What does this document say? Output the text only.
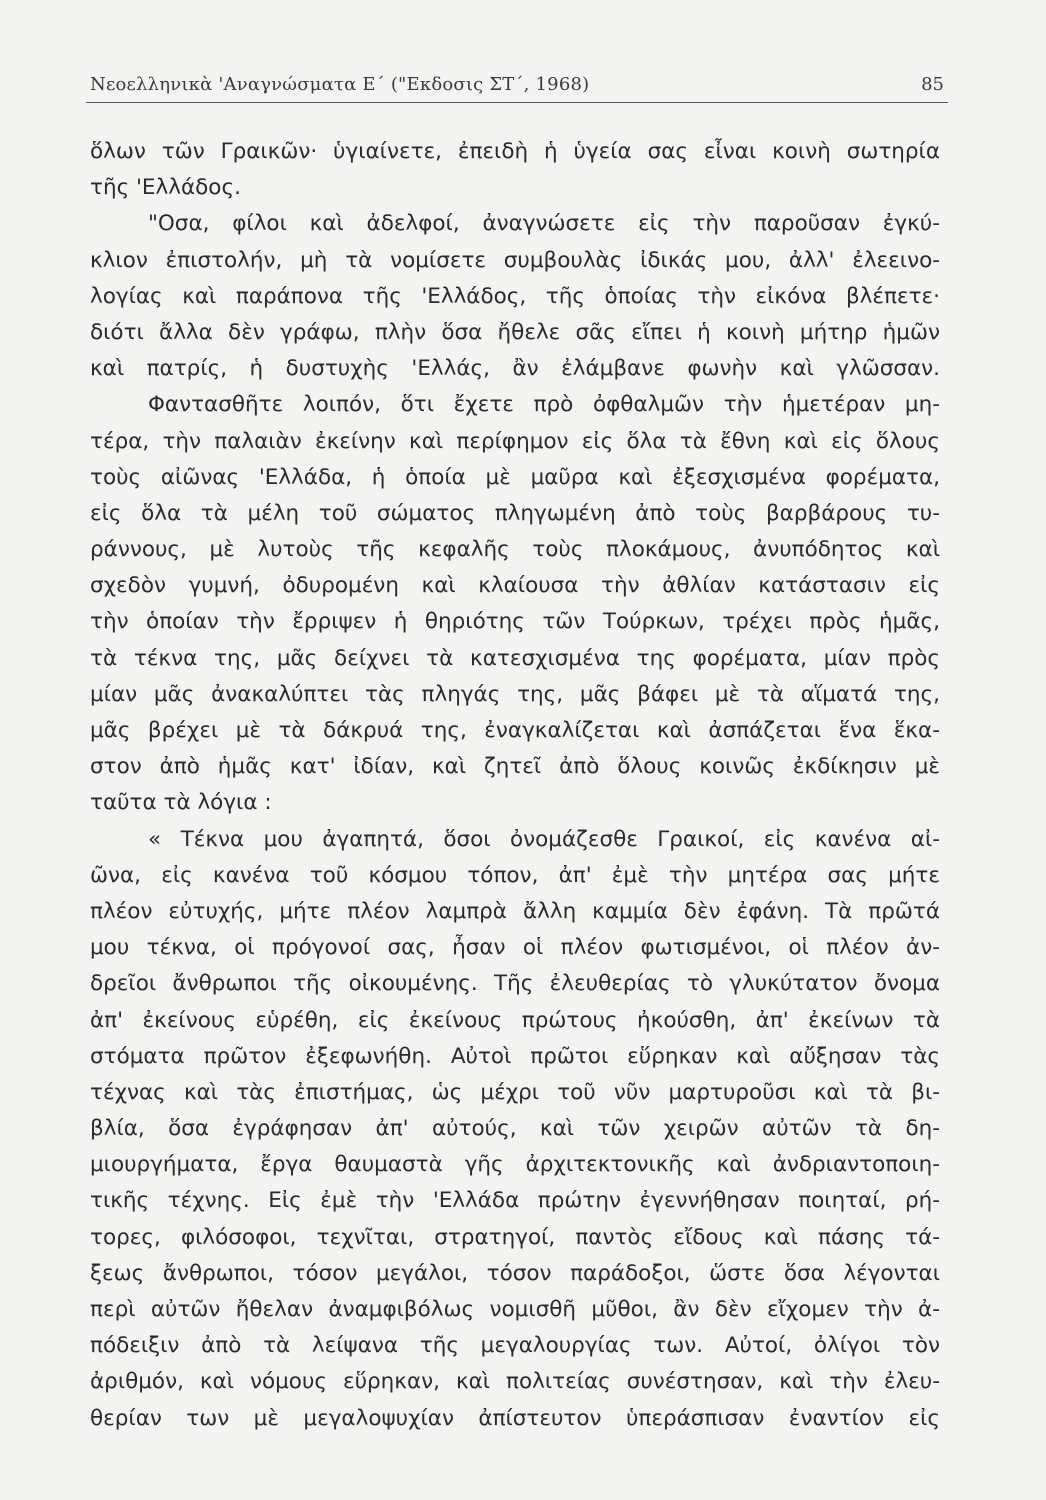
Νεοελληνικὰ 'Αναγνώσματα Ε΄ ("Εκδοσις ΣΤ΄, 1968)	85
ὅλων τῶν Γραικῶν· ὑγιαίνετε, ἐπειδὴ ἡ ὑγεία σας εἶναι κοινὴ σωτηρία
τῆς 'Ελλάδος.
"Οσα, φίλοι καὶ ἀδελφοί, ἀναγνώσετε εἰς τὴν παροῦσαν ἐγκύ-
κλιον ἐπιστολήν, μὴ τὰ νομίσετε συμβουλὰς ἰδικάς μου, ἀλλ' ἐλεεινο-
λογίας καὶ παράπονα τῆς 'Ελλάδος, τῆς ὁποίας τὴν εἰκόνα βλέπετε·
διότι ἄλλα δὲν γράφω, πλὴν ὅσα ἤθελε σᾶς εἴπει ἡ κοινὴ μήτηρ ἡμῶν
καὶ πατρίς, ἡ δυστυχὴς 'Ελλάς, ἂν ἐλάμβανε φωνὴν καὶ γλῶσσαν.
Φαντασθῆτε λοιπόν, ὅτι ἔχετε πρὸ ὀφθαλμῶν τὴν ἡμετέραν μη-
τέρα, τὴν παλαιὰν ἐκείνην καὶ περίφημον εἰς ὅλα τὰ ἔθνη καὶ εἰς ὅλους
τοὺς αἰῶνας 'Ελλάδα, ἡ ὁποία μὲ μαῦρα καὶ ἐξεσχισμένα φορέματα,
εἰς ὅλα τὰ μέλη τοῦ σώματος πληγωμένη ἀπὸ τοὺς βαρβάρους τυ-
ράννους, μὲ λυτοὺς τῆς κεφαλῆς τοὺς πλοκάμους, ἀνυπόδητος καὶ
σχεδὸν γυμνή, ὀδυρομένη καὶ κλαίουσα τὴν ἀθλίαν κατάστασιν εἰς
τὴν ὁποίαν τὴν ἔρριψεν ἡ θηριότης τῶν Τούρκων, τρέχει πρὸς ἡμᾶς,
τὰ τέκνα της, μᾶς δείχνει τὰ κατεσχισμένα της φορέματα, μίαν πρὸς
μίαν μᾶς ἀνακαλύπτει τὰς πληγάς της, μᾶς βάφει μὲ τὰ αἵματά της,
μᾶς βρέχει μὲ τὰ δάκρυά της, ἐναγκαλίζεται καὶ ἀσπάζεται ἕνα ἕκα-
στον ἀπὸ ἡμᾶς κατ' ἰδίαν, καὶ ζητεῖ ἀπὸ ὅλους κοινῶς ἐκδίκησιν μὲ
ταῦτα τὰ λόγια :
« Τέκνα μου ἀγαπητά, ὅσοι ὀνομάζεσθε Γραικοί, εἰς κανένα αἰ-
ῶνα, εἰς κανένα τοῦ κόσμου τόπον, ἀπ' ἐμὲ τὴν μητέρα σας μήτε
πλέον εὐτυχής, μήτε πλέον λαμπρὰ ἄλλη καμμία δὲν ἐφάνη. Τὰ πρῶτά
μου τέκνα, οἱ πρόγονοί σας, ἦσαν οἱ πλέον φωτισμένοι, οἱ πλέον ἀν-
δρεῖοι ἄνθρωποι τῆς οἰκουμένης. Τῆς ἐλευθερίας τὸ γλυκύτατον ὄνομα
ἀπ' ἐκείνους εὑρέθη, εἰς ἐκείνους πρώτους ἠκούσθη, ἀπ' ἐκείνων τὰ
στόματα πρῶτον ἐξεφωνήθη. Αὐτοὶ πρῶτοι εὕρηκαν καὶ αὔξησαν τὰς
τέχνας καὶ τὰς ἐπιστήμας, ὡς μέχρι τοῦ νῦν μαρτυροῦσι καὶ τὰ βι-
βλία, ὅσα ἐγράφησαν ἀπ' αὐτούς, καὶ τῶν χειρῶν αὐτῶν τὰ δη-
μιουργήματα, ἔργα θαυμαστὰ γῆς ἀρχιτεκτονικῆς καὶ ἀνδριαντοποιη-
τικῆς τέχνης. Εἰς ἐμὲ τὴν 'Ελλάδα πρώτην ἐγεννήθησαν ποιηταί, ρή-
τορες, φιλόσοφοι, τεχνῖται, στρατηγοί, παντὸς εἴδους καὶ πάσης τά-
ξεως ἄνθρωποι, τόσον μεγάλοι, τόσον παράδοξοι, ὥστε ὅσα λέγονται
περὶ αὐτῶν ἤθελαν ἀναμφιβόλως νομισθῆ μῦθοι, ἂν δὲν εἴχομεν τὴν ἀ-
πόδειξιν ἀπὸ τὰ λείψανα τῆς μεγαλουργίας των. Αὐτοί, ὀλίγοι τὸν
ἀριθμόν, καὶ νόμους εὕρηκαν, καὶ πολιτείας συνέστησαν, καὶ τὴν ἐλευ-
θερίαν των μὲ μεγαλοψυχίαν ἀπίστευτον ὑπεράσπισαν ἐναντίον εἰς
